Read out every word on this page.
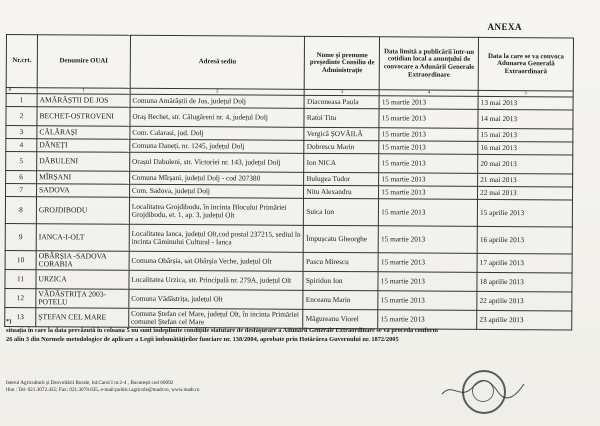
ANEXA
Nr.crt.	Denumire OUAI	Adresă sediu	Nume și prenume președinte Consiliu de Administrație	Data limită a publicării într-un cotidian local a anunțului de convocare a Adunării Generale Extraordinare	Data la care se va convoca Adunarea Generală Extraordinară
0	1	2	3	4	5
1	AMĂRĂȘTII DE JOS	Comuna Amărăștii de Jos, județul Dolj	Diaconeasa Paula	15 martie 2013	13 mai 2013
2	BECHET-OSTROVENI	Oraș Bechet, str. Călugăreni nr. 4, județul Dolj	Ratoi Titu	15 martie 2013	14 mai 2013
3	CĂLĂRAȘI	Com. Calarasi, jud. Dolj	Vergică ȘOVĂILĂ	15 martie 2013	15 mai 2013
4	DĂNEȚI	Comuna Daneți, nr. 1245, județul Dolj	Dobrescu Marin	15 martie 2013	16 mai 2013
5	DĂBULENI	Orașul Dabuleni, str. Victoriei nr. 143, județul Dolj	Ion NICA	15 martie 2013	20 mai 2013
6	MÎRȘANI	Comuna Mîrșani, județul Dolj - cod 207380	Bulugea Tudor	15 martie 2013	21 mai 2013
7	SADOVA	Com. Sadova, județul Dolj	Nitu Alexandru	15 martie 2013	22 mai 2013
8	GROJDIBODU	Localitatea Grojdibodu, în incinta Blocului Primăriei Grojdibodu, et. 1, ap. 3, județul Olt	Suica Ion	15 martie 2013	15 aprilie 2013
9	IANCA-I-OLT	Localitatea Ianca, județul Olt,cod postal 237215, sediul în incinta Căminului Cultural - Ianca	Împușcatu Gheorghe	15 martie 2013	16 aprilie 2013
10	OBÂRȘIA -SADOVA CORABIA	Comuna Obârșia, sat Obârșia Veche, județul Olt	Pascu Mirescu	15 martie 2013	17 aprilie 2013
11	URZICA	Localitatea Urzica, str. Principală nr. 279A, județul Olt	Spiridon Ion	15 martie 2013	18 aprilie 2013
12	VĂDĂSTRIȚA 2003-POTELU	Comuna Vădăstrița, județul Olt	Enceanu Marin	15 martie 2013	22 aprilie 2013
13	ȘTEFAN CEL MARE	Comuna Ștefan cel Mare, județul Olt, în incinta Primăriei comunei Ștefan cel Mare	Măgureanu Viorel	15 martie 2013	23 aprilie 2013
*)
situația în care la data prevăzută în coloana 5 nu sunt îndeplinite condițiile statutare de desfășurare a Adunării Generale Extraordinare se va proceda conform
26 alin 3 din Normele metodologice de aplicare a Legii îmbunătățirilor funciare nr. 138/2004, aprobate prin Hotărârea Guvernului nr. 1872/2005
Isterul Agriculturii și Dezvoltării Rurale, bd.Carol I nr.2-4 , București cod 60092
lfon : Tel: 021.3072.435; Fax: 021.3078.635, e-mail:politici.agricole@madr.ro, www.madr.ro
